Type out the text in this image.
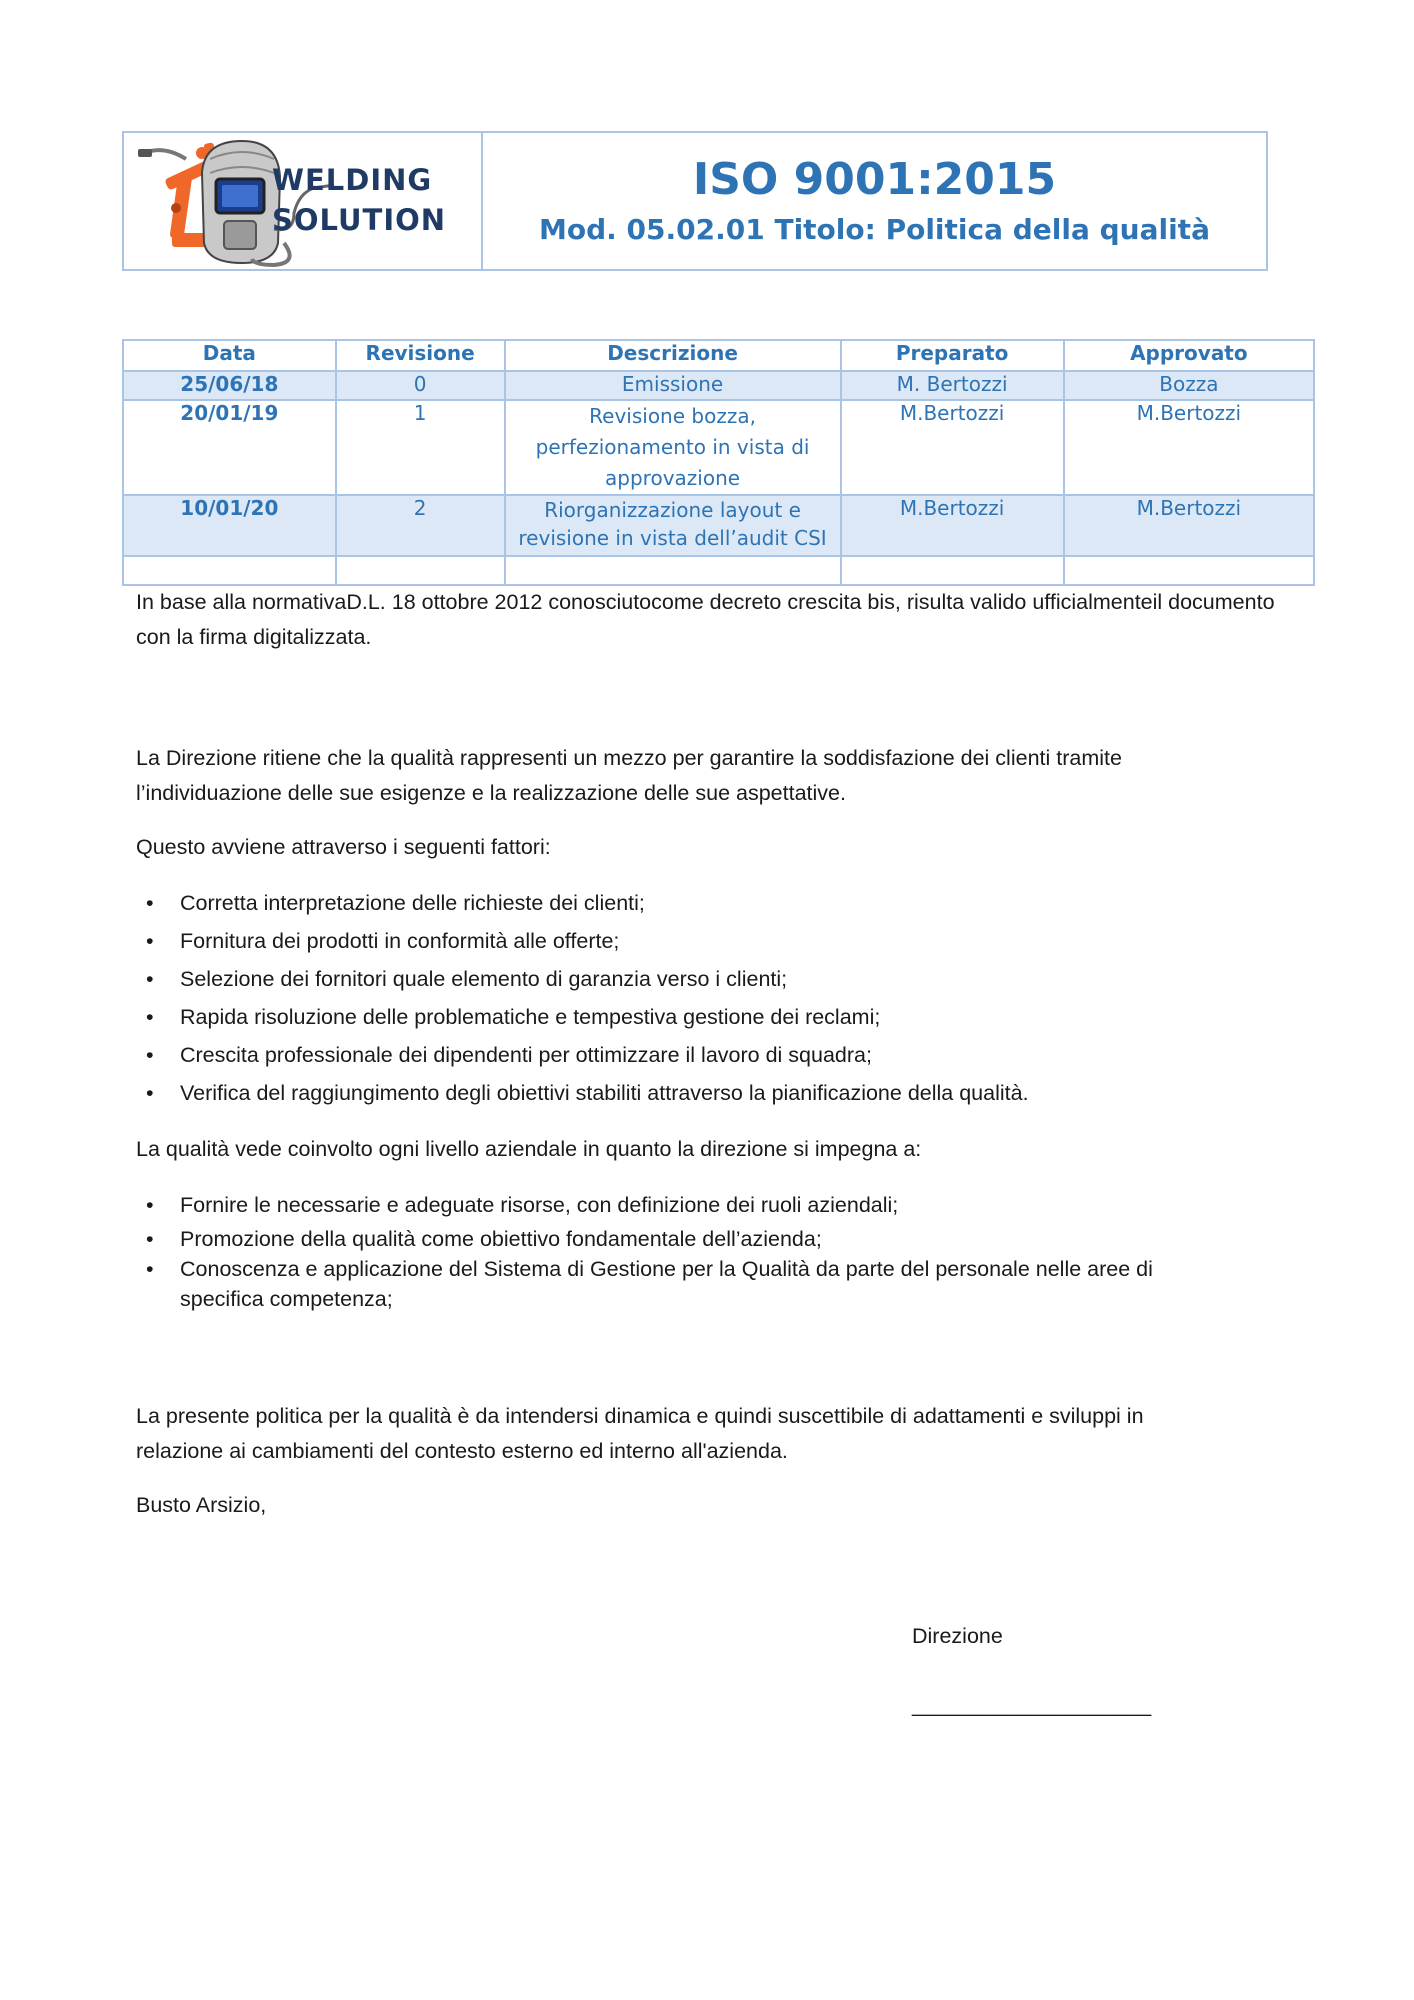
WELDING
SOLUTION
ISO 9001:2015
Mod. 05.02.01 Titolo: Politica della qualità
Data	Revisione	Descrizione	Preparato	Approvato
25/06/18	0	Emissione	M. Bertozzi	Bozza
20/01/19	1	Revisione bozza, perfezionamento in vista di approvazione	M.Bertozzi	M.Bertozzi
10/01/20	2	Riorganizzazione layout e revisione in vista dell’audit CSI	M.Bertozzi	M.Bertozzi

In base alla normativaD.L. 18 ottobre 2012 conosciutocome decreto crescita bis, risulta valido ufficialmenteil documento con la firma digitalizzata.
La Direzione ritiene che la qualità rappresenti un mezzo per garantire la soddisfazione dei clienti tramite l’individuazione delle sue esigenze e la realizzazione delle sue aspettative.
Questo avviene attraverso i seguenti fattori:
• Corretta interpretazione delle richieste dei clienti;
• Fornitura dei prodotti in conformità alle offerte;
• Selezione dei fornitori quale elemento di garanzia verso i clienti;
• Rapida risoluzione delle problematiche e tempestiva gestione dei reclami;
• Crescita professionale dei dipendenti per ottimizzare il lavoro di squadra;
• Verifica del raggiungimento degli obiettivi stabiliti attraverso la pianificazione della qualità.
La qualità vede coinvolto ogni livello aziendale in quanto la direzione si impegna a:
• Fornire le necessarie e adeguate risorse, con definizione dei ruoli aziendali;
• Promozione della qualità come obiettivo fondamentale dell’azienda;
• Conoscenza e applicazione del Sistema di Gestione per la Qualità da parte del personale nelle aree di specifica competenza;
La presente politica per la qualità è da intendersi dinamica e quindi suscettibile di adattamenti e sviluppi in relazione ai cambiamenti del contesto esterno ed interno all'azienda.
Busto Arsizio,
Direzione
____________________
